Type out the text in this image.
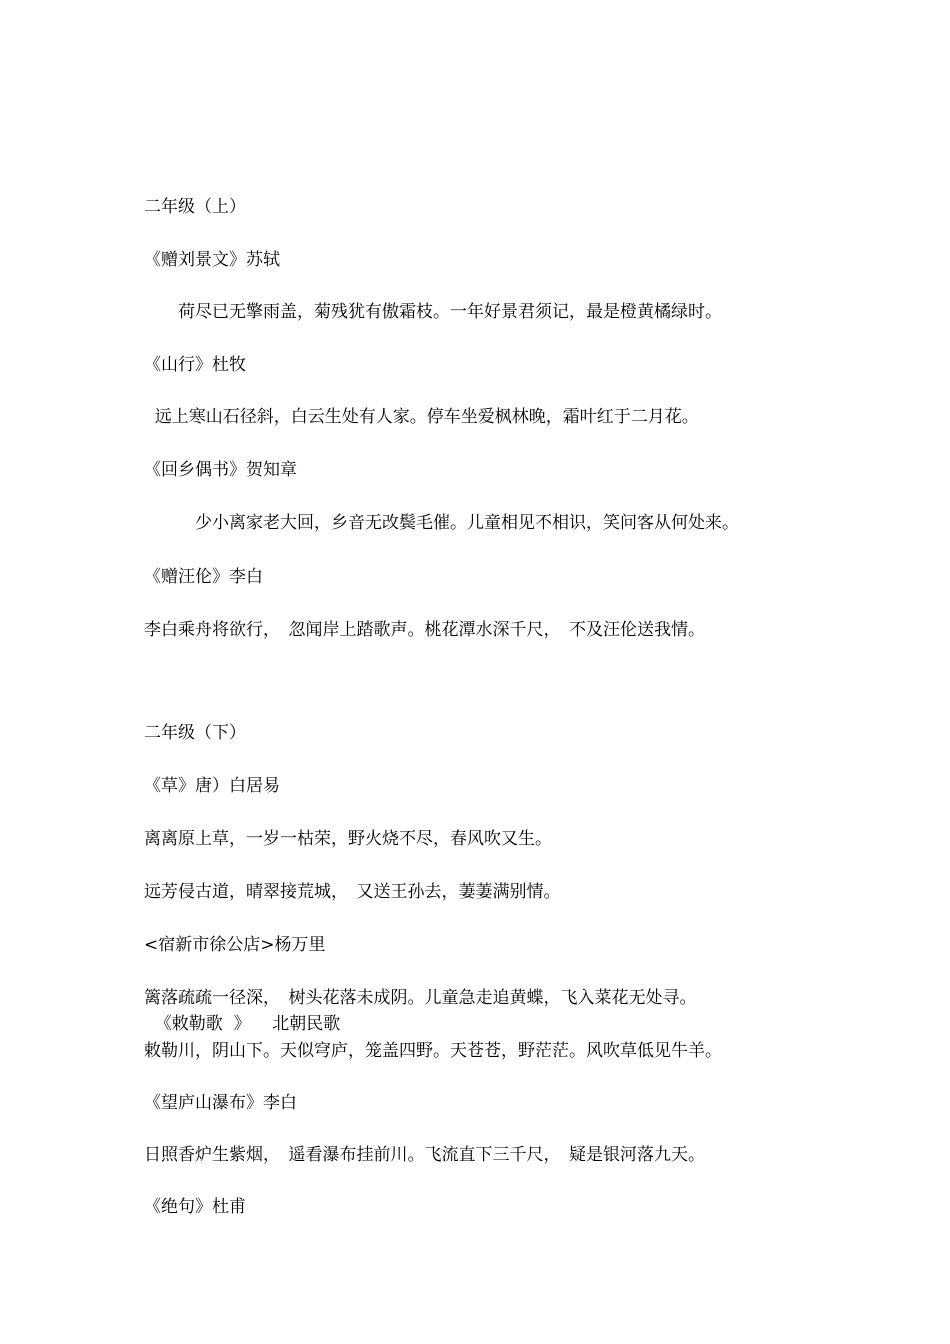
二年级（上）
《赠刘景文》苏轼
　　荷尽已无擎雨盖，菊残犹有傲霜枝。一年好景君须记，最是橙黄橘绿时。
《山行》杜牧
远上寒山石径斜，白云生处有人家。停车坐爱枫林晚，霜叶红于二月花。
《回乡偶书》贺知章
　　　少小离家老大回，乡音无改鬓毛催。儿童相见不相识，笑问客从何处来。
《赠汪伦》李白
李白乘舟将欲行，　忽闻岸上踏歌声。桃花潭水深千尺，　不及汪伦送我情。
二年级（下）
《草》唐）白居易
离离原上草，一岁一枯荣，野火烧不尽，春风吹又生。
远芳侵古道，晴翠接荒城，　又送王孙去，萋萋满别情。
<宿新市徐公店>杨万里
篱落疏疏一径深，　树头花落未成阴。儿童急走追黄蝶，飞入菜花无处寻。
《敕勒歌  》    北朝民歌
敕勒川，阴山下。天似穹庐，笼盖四野。天苍苍，野茫茫。风吹草低见牛羊。
《望庐山瀑布》李白
日照香炉生紫烟，　遥看瀑布挂前川。飞流直下三千尺，　疑是银河落九天。
《绝句》杜甫
